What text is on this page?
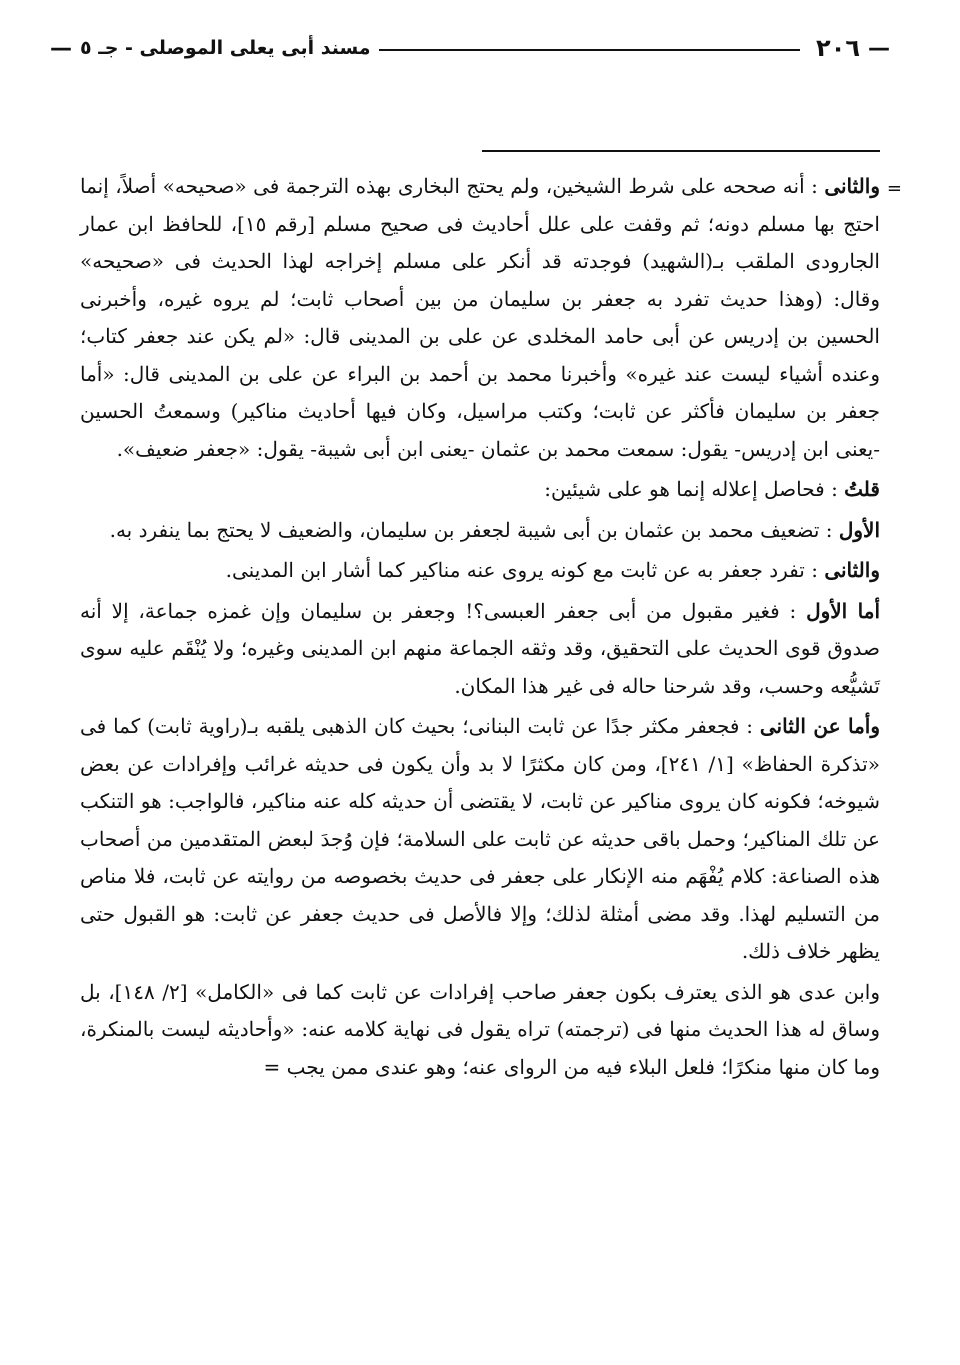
—
٢٠٦
مسند أبى يعلى الموصلى - جـ ٥
—
=

والثانى : أنه صححه على شرط الشيخين، ولم يحتج البخارى بهذه الترجمة فى «صحيحه» أصلاً، إنما احتج بها مسلم دونه؛ ثم وقفت على علل أحاديث فى صحيح مسلم [رقم ١٥]، للحافظ ابن عمار الجارودى الملقب بـ(الشهيد) فوجدته قد أنكر على مسلم إخراجه لهذا الحديث فى «صحيحه» وقال: (وهذا حديث تفرد به جعفر بن سليمان من بين أصحاب ثابت؛ لم يروه غيره، وأخبرنى الحسين بن إدريس عن أبى حامد المخلدى عن على بن المدينى قال: «لم يكن عند جعفر كتاب؛ وعنده أشياء ليست عند غيره» وأخبرنا محمد بن أحمد بن البراء عن على بن المدينى قال: «أما جعفر بن سليمان فأكثر عن ثابت؛ وكتب مراسيل، وكان فيها أحاديث مناكير) وسمعتُ الحسين -يعنى ابن إدريس- يقول: سمعت محمد بن عثمان -يعنى ابن أبى شيبة- يقول: «جعفر ضعيف».

قلتُ : فحاصل إعلاله إنما هو على شيئين:

الأول : تضعيف محمد بن عثمان بن أبى شيبة لجعفر بن سليمان، والضعيف لا يحتج بما ينفرد به.

والثانى : تفرد جعفر به عن ثابت مع كونه يروى عنه مناكير كما أشار ابن المدينى.

أما الأول : فغير مقبول من أبى جعفر العبسى؟! وجعفر بن سليمان وإن غمزه جماعة، إلا أنه صدوق قوى الحديث على التحقيق، وقد وثقه الجماعة منهم ابن المدينى وغيره؛ ولا يُنْقَم عليه سوى تَشيُّعه وحسب، وقد شرحنا حاله فى غير هذا المكان.

وأما عن الثانى : فجعفر مكثر جدًا عن ثابت البنانى؛ بحيث كان الذهبى يلقبه بـ(راوية ثابت) كما فى «تذكرة الحفاظ» [١/ ٢٤١]، ومن كان مكثرًا لا بد وأن يكون فى حديثه غرائب وإفرادات عن بعض شيوخه؛ فكونه كان يروى مناكير عن ثابت، لا يقتضى أن حديثه كله عنه مناكير، فالواجب: هو التنكب عن تلك المناكير؛ وحمل باقى حديثه عن ثابت على السلامة؛ فإن وُجدَ لبعض المتقدمين من أصحاب هذه الصناعة: كلام يُفْهَم منه الإنكار على جعفر فى حديث بخصوصه من روايته عن ثابت، فلا مناص من التسليم لهذا. وقد مضى أمثلة لذلك؛ وإلا فالأصل فى حديث جعفر عن ثابت: هو القبول حتى يظهر خلاف ذلك.

وابن عدى هو الذى يعترف بكون جعفر صاحب إفرادات عن ثابت كما فى «الكامل» [٢/ ١٤٨]، بل وساق له هذا الحديث منها فى (ترجمته) تراه يقول فى نهاية كلامه عنه: «وأحاديثه ليست بالمنكرة، وما كان منها منكرًا؛ فلعل البلاء فيه من الرواى عنه؛ وهو عندى ممن يجب =
